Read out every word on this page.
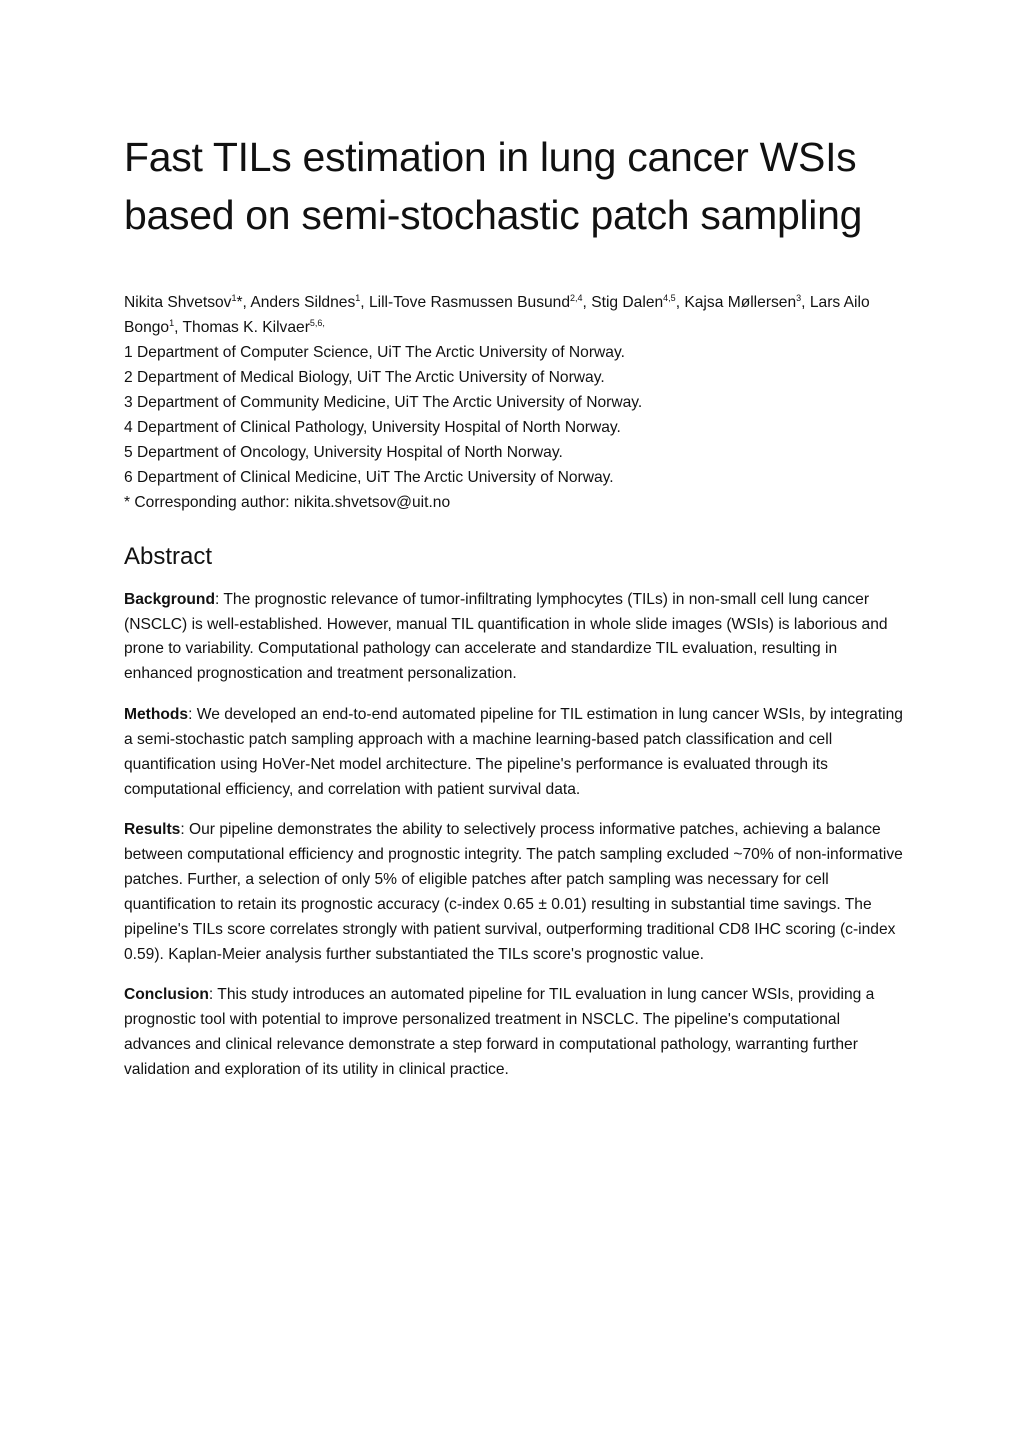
Fast TILs estimation in lung cancer WSIs
based on semi-stochastic patch sampling
Nikita Shvetsov$^1$*, Anders Sildnes$^1$, Lill-Tove Rasmussen Busund$^{2,4}$, Stig Dalen$^{4,5}$, Kajsa Møllersen$^3$, Lars Ailo Bongo$^1$, Thomas K. Kilvaer$^{5,6,}$
1 Department of Computer Science, UiT The Arctic University of Norway.
2 Department of Medical Biology, UiT The Arctic University of Norway.
3 Department of Community Medicine, UiT The Arctic University of Norway.
4 Department of Clinical Pathology, University Hospital of North Norway.
5 Department of Oncology, University Hospital of North Norway.
6 Department of Clinical Medicine, UiT The Arctic University of Norway.
* Corresponding author: nikita.shvetsov@uit.no
Abstract

Background: The prognostic relevance of tumor-infiltrating lymphocytes (TILs) in non-small cell lung cancer (NSCLC) is well-established. However, manual TIL quantification in whole slide images (WSIs) is laborious and prone to variability. Computational pathology can accelerate and standardize TIL evaluation, resulting in enhanced prognostication and treatment personalization.

Methods: We developed an end-to-end automated pipeline for TIL estimation in lung cancer WSIs, by integrating a semi-stochastic patch sampling approach with a machine learning-based patch classification and cell quantification using HoVer-Net model architecture. The pipeline's performance is evaluated through its computational efficiency, and correlation with patient survival data.

Results: Our pipeline demonstrates the ability to selectively process informative patches, achieving a balance between computational efficiency and prognostic integrity. The patch sampling excluded ~70% of non-informative patches. Further, a selection of only 5% of eligible patches after patch sampling was necessary for cell quantification to retain its prognostic accuracy (c-index 0.65 ± 0.01) resulting in substantial time savings. The pipeline's TILs score correlates strongly with patient survival, outperforming traditional CD8 IHC scoring (c-index 0.59). Kaplan-Meier analysis further substantiated the TILs score's prognostic value.

Conclusion: This study introduces an automated pipeline for TIL evaluation in lung cancer WSIs, providing a prognostic tool with potential to improve personalized treatment in NSCLC. The pipeline's computational advances and clinical relevance demonstrate a step forward in computational pathology, warranting further validation and exploration of its utility in clinical practice.
